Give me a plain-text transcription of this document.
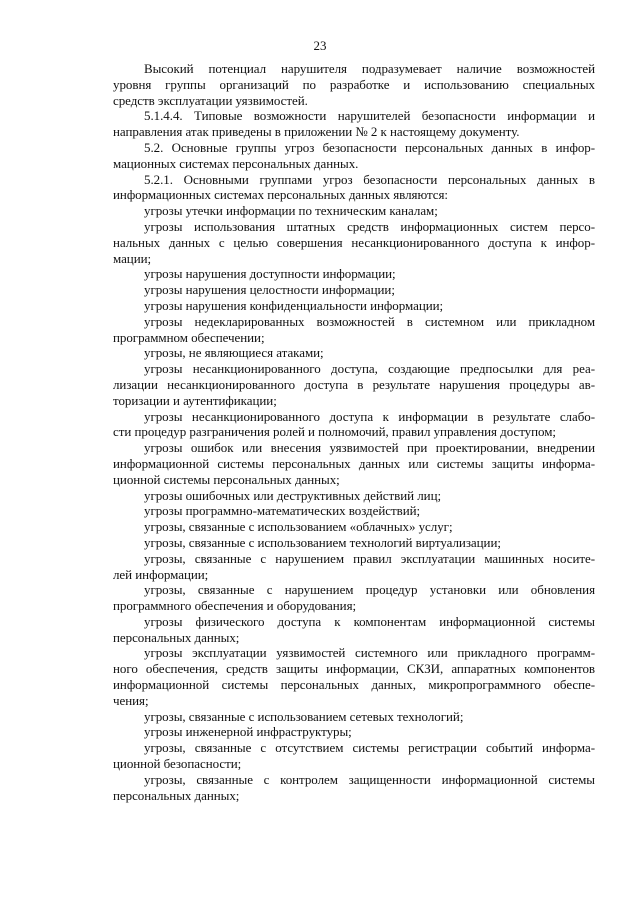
23
Высокий потенциал нарушителя подразумевает наличие возможностей
уровня группы организаций по разработке и использованию специальных
средств эксплуатации уязвимостей.
5.1.4.4. Типовые возможности нарушителей безопасности информации и
направления атак приведены в приложении № 2 к настоящему документу.
5.2. Основные группы угроз безопасности персональных данных в инфор-
мационных системах персональных данных.
5.2.1. Основными группами угроз безопасности персональных данных в
информационных системах персональных данных являются:
угрозы утечки информации по техническим каналам;
угрозы использования штатных средств информационных систем персо-
нальных данных с целью совершения несанкционированного доступа к инфор-
мации;
угрозы нарушения доступности информации;
угрозы нарушения целостности информации;
угрозы нарушения конфиденциальности информации;
угрозы недекларированных возможностей в системном или прикладном
программном обеспечении;
угрозы, не являющиеся атаками;
угрозы несанкционированного доступа, создающие предпосылки для реа-
лизации несанкционированного доступа в результате нарушения процедуры ав-
торизации и аутентификации;
угрозы несанкционированного доступа к информации в результате слабо-
сти процедур разграничения ролей и полномочий, правил управления доступом;
угрозы ошибок или внесения уязвимостей при проектировании, внедрении
информационной системы персональных данных или системы защиты информа-
ционной системы персональных данных;
угрозы ошибочных или деструктивных действий лиц;
угрозы программно-математических воздействий;
угрозы, связанные с использованием «облачных» услуг;
угрозы, связанные с использованием технологий виртуализации;
угрозы, связанные с нарушением правил эксплуатации машинных носите-
лей информации;
угрозы, связанные с нарушением процедур установки или обновления
программного обеспечения и оборудования;
угрозы физического доступа к компонентам информационной системы
персональных данных;
угрозы эксплуатации уязвимостей системного или прикладного программ-
ного обеспечения, средств защиты информации, СКЗИ, аппаратных компонентов
информационной системы персональных данных, микропрограммного обеспе-
чения;
угрозы, связанные с использованием сетевых технологий;
угрозы инженерной инфраструктуры;
угрозы, связанные с отсутствием системы регистрации событий информа-
ционной безопасности;
угрозы, связанные с контролем защищенности информационной системы
персональных данных;
